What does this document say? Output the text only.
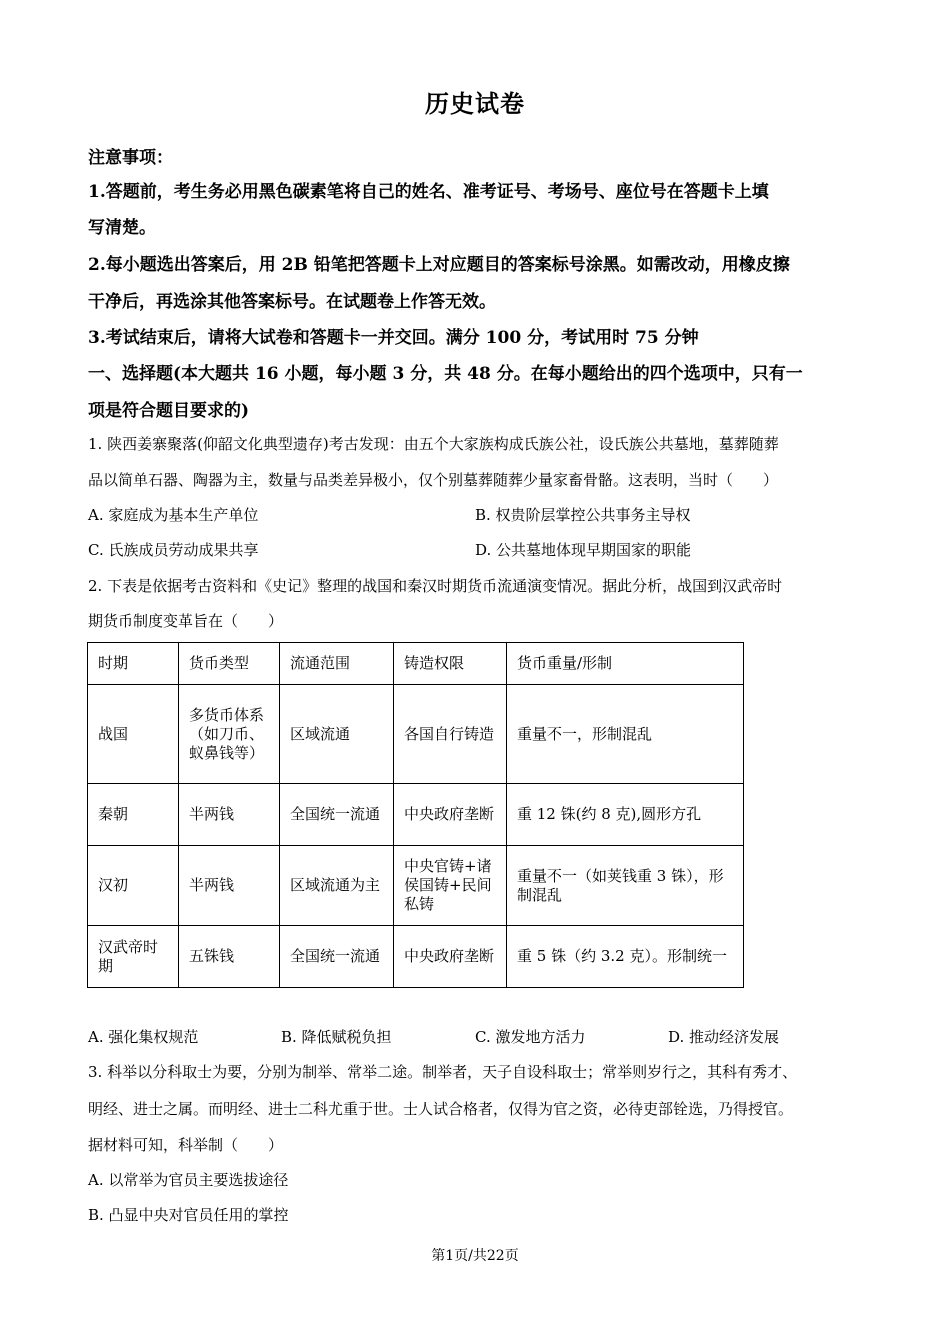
历史试卷
注意事项：
1.答题前，考生务必用黑色碳素笔将自己的姓名、准考证号、考场号、座位号在答题卡上填
写清楚。
2.每小题选出答案后，用 2B 铅笔把答题卡上对应题目的答案标号涂黑。如需改动，用橡皮擦
干净后，再选涂其他答案标号。在试题卷上作答无效。
3.考试结束后，请将大试卷和答题卡一并交回。满分 100 分，考试用时 75 分钟
一、选择题(本大题共 16 小题，每小题 3 分，共 48 分。在每小题给出的四个选项中，只有一
项是符合题目要求的)
1. 陕西姜寨聚落(仰韶文化典型遗存)考古发现：由五个大家族构成氏族公社，设氏族公共墓地，墓葬随葬
品以简单石器、陶器为主，数量与品类差异极小，仅个别墓葬随葬少量家畜骨骼。这表明，当时（　　）
A. 家庭成为基本生产单位	B. 权贵阶层掌控公共事务主导权
C. 氏族成员劳动成果共享	D. 公共墓地体现早期国家的职能
2. 下表是依据考古资料和《史记》整理的战国和秦汉时期货币流通演变情况。据此分析，战国到汉武帝时
期货币制度变革旨在（　　）
时期	货币类型	流通范围	铸造权限	货币重量/形制
战国	多货币体系（如刀币、蚁鼻钱等）	区域流通	各国自行铸造	重量不一，形制混乱
秦朝	半两钱	全国统一流通	中央政府垄断	重 12 铢(约 8 克),圆形方孔
汉初	半两钱	区域流通为主	中央官铸+诸侯国铸+民间私铸	重量不一（如荚钱重 3 铢），形制混乱
汉武帝时期	五铢钱	全国统一流通	中央政府垄断	重 5 铢（约 3.2 克）。形制统一
A. 强化集权规范	B. 降低赋税负担	C. 激发地方活力	D. 推动经济发展
3. 科举以分科取士为要，分别为制举、常举二途。制举者，天子自设科取士；常举则岁行之，其科有秀才、
明经、进士之属。而明经、进士二科尤重于世。士人试合格者，仅得为官之资，必待吏部铨选，乃得授官。
据材料可知，科举制（　　）
A. 以常举为官员主要选拔途径
B. 凸显中央对官员任用的掌控
第1页/共22页
